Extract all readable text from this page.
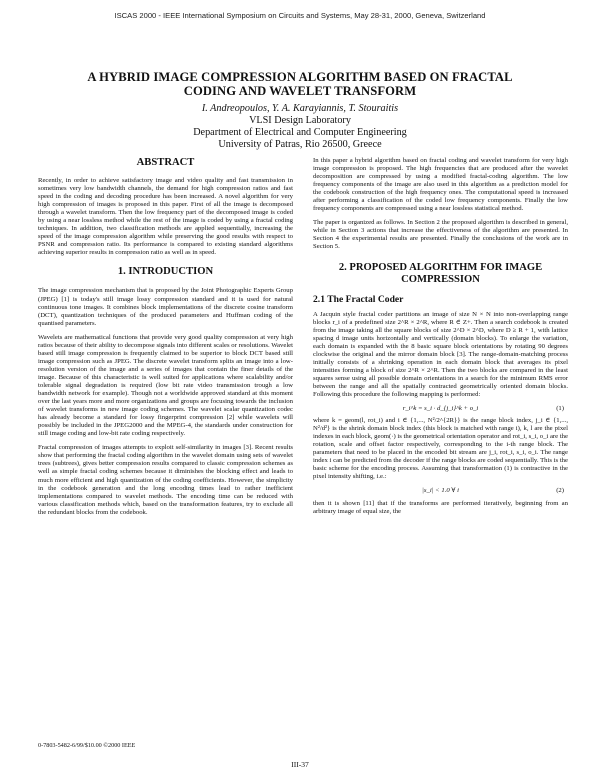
ISCAS 2000 - IEEE International Symposium on Circuits and Systems, May 28-31, 2000, Geneva, Switzerland
A HYBRID IMAGE COMPRESSION ALGORITHM BASED ON FRACTAL
CODING AND WAVELET TRANSFORM
I. Andreopoulos, Y. A. Karayiannis, T. Stouraitis
VLSI Design Laboratory
Department of Electrical and Computer Engineering
University of Patras, Rio 26500, Greece
ABSTRACT

Recently, in order to achieve satisfactory image and video quality and fast transmission in sometimes very low bandwidth channels, the demand for high compression ratios and fast speed in the coding and decoding procedure has been increased. A novel algorithm for very high compression of images is proposed in this paper. First of all the image is decomposed through a wavelet transform. Then the low frequency part of the decomposed image is coded by using a near lossless method while the rest of the image is coded by using a fractal coding techniques. In addition, two classification methods are applied sequentially, increasing the speed of the image compression algorithm while preserving the good results with respect to PSNR and compression ratio. Its performance is compared to existing standard algorithms achieving superior results in compression ratio as well as in speed.

1. INTRODUCTION

The image compression mechanism that is proposed by the Joint Photographic Experts Group (JPEG) [1] is today's still image lossy compression standard and it is used for natural continuous tone images. It combines block implementations of the discrete cosine transform (DCT), quantization techniques of the produced parameters and Huffman coding of the quantised parameters.

Wavelets are mathematical functions that provide very good quality compression at very high ratios because of their ability to decompose signals into different scales or resolutions. Wavelet based still image compression is frequently claimed to be superior to block DCT based still image compression such as JPEG. The discrete wavelet transform splits an image into a low-resolution version of the image and a series of images that contain the finer details of the image. Because of this characteristic is well suited for applications where scalability and/or tolerable signal degradation is required (low bit rate video transmission trough a low bandwidth network for example). Though not a worldwide approved standard at this moment over the last years more and more organizations and groups are focusing towards the inclusion of wavelet transforms in new image coding schemes. The wavelet scalar quantization codec has already become a standard for lossy fingerprint compression [2] while wavelets will possibly be included in the JPEG2000 and the MPEG-4, the standards under construction for still image coding and low-bit rate coding respectively.

Fractal compression of images attempts to exploit self-similarity in images [3]. Recent results show that performing the fractal coding algorithm in the wavelet domain using sets of wavelet trees (subtrees), gives better compression results compared to classic compression schemes as well as simple fractal coding schemes because it diminishes the blocking effect and leads to much more efficient and high quantization of the coding coefficients. However, the simplicity in the codebook generation and the long encoding times lead to rather inefficient implementations compared to wavelet methods. The encoding time can be reduced with various classification methods which, based on the transformation features, try to exclude all the redundant blocks from the codebook.

In this paper a hybrid algorithm based on fractal coding and wavelet transform for very high image compression is proposed. The high frequencies that are produced after the wavelet decomposition are compressed by using a modified fractal-coding algorithm. The low frequency components of the image are also used in this algorithm as a prediction model for the codebook construction of the high frequency ones. The computational speed is increased after performing a classification of the coded low frequency components. Finally the low frequency components are compressed using a near lossless statistical method.

The paper is organized as follows. In Section 2 the proposed algorithm is described in general, while in Section 3 actions that increase the effectiveness of the algorithm are presented. In Section 4 the experimental results are presented. Finally the conclusions of the work are in Section 5.

2. PROPOSED ALGORITHM FOR IMAGE
COMPRESSION
2.1 The Fractal Coder

A Jacquin style fractal coder partitions an image of size N × N into non-overlapping range blocks r_i of a predefined size 2^R × 2^R, where R ∈ Z+. Then a search codebook is created from the image taking all the square blocks of size 2^D × 2^D, where D ≥ R + 1, with lattice spacing d image units horizontally and vertically (domain blocks). To enlarge the variation, each domain is expanded with the 8 basic square block orientations by rotating 90 degrees clockwise the original and the mirror domain block [3]. The range-domain-matching process initially consists of a shrinking operation in each domain block that averages its pixel intensities forming a block of size 2^R × 2^R. Then the two blocks are compared in the least squares sense using all possible domain orientations in a search for the minimum RMS error between the range and all the spatially contracted geometrically oriented domain blocks. Following this procedure the following mapping is performed:

r_i^k = s_i · d_{j_i}^k + o_i	(1)

where k = geom(l, rot_i) and i ∈ {1,..., N²/2^{2R}} is the range block index, j_i ∈ {1,..., N²/d²} is the shrink domain block index (this block is matched with range i), k, l are the pixel indexes in each block, geom(·) is the geometrical orientation operator and rot_i, s_i, o_i are the rotation, scale and offset factor respectively, corresponding to the i-th range block. The parameters that need to be placed in the encoded bit stream are j_i, rot_i, s_i, o_i. The range index i can be predicted from the decoder if the range blocks are coded sequentially. This is the basic scheme for the encoding process. Assuming that transformation (1) is contractive in the pixel intensity shifting, i.e.:

|s_i| < 1.0 ∀ i	(2)

then it is shown [11] that if the transforms are performed iteratively, beginning from an arbitrary image of equal size, the

0-7803-5482-6/99/$10.00 ©2000 IEEE
III-37
